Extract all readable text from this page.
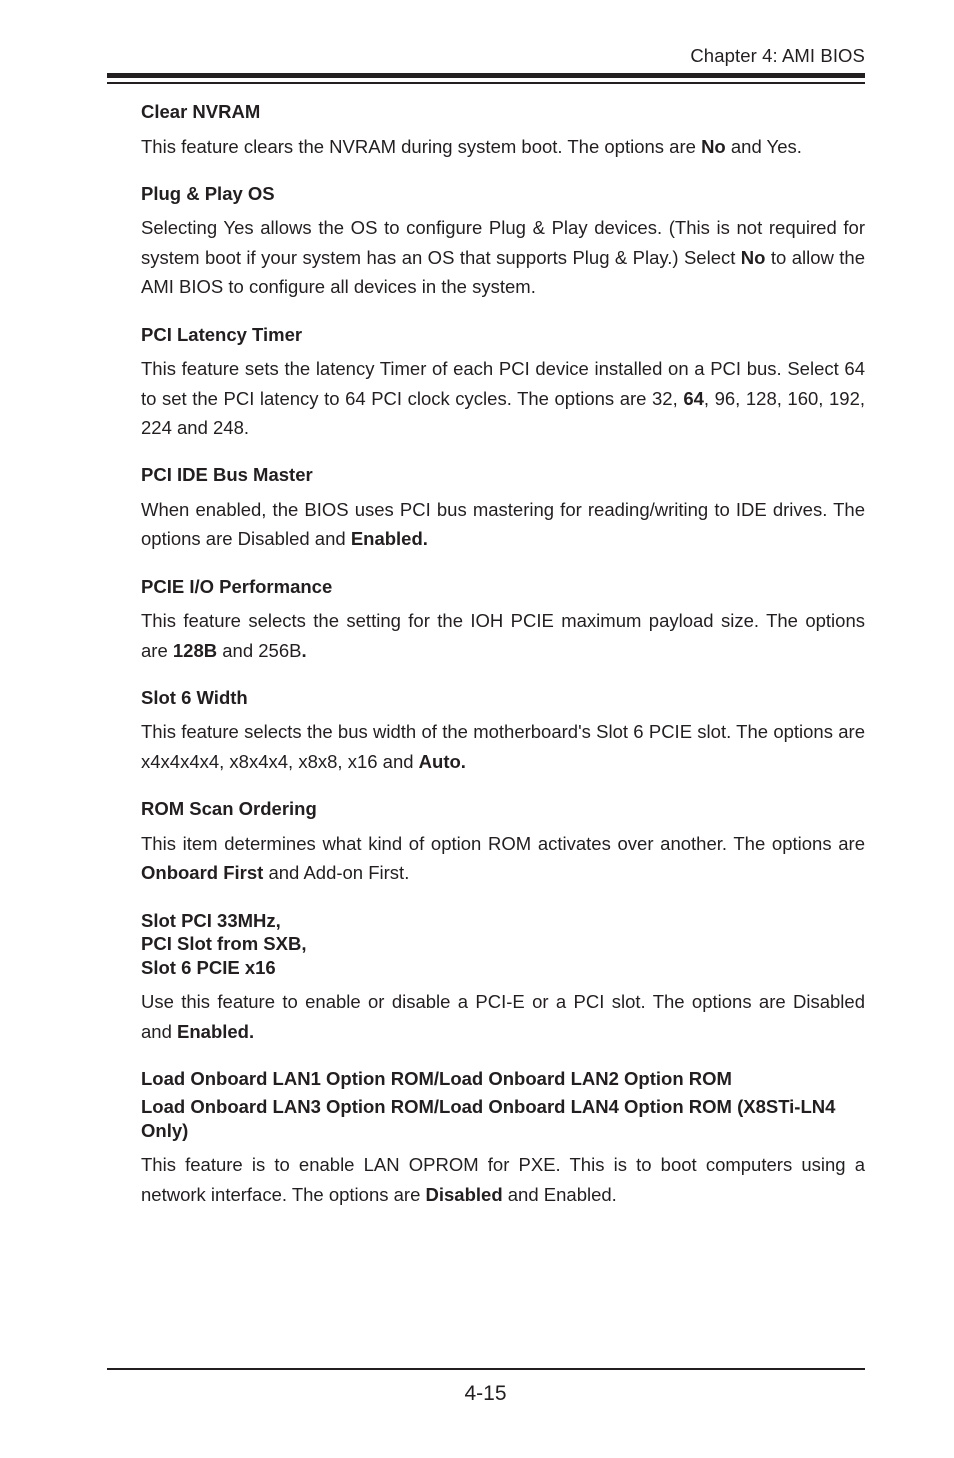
Chapter 4: AMI BIOS
Clear NVRAM

This feature clears the NVRAM during system boot. The options are No and Yes.

Plug & Play OS

Selecting Yes allows the OS to configure Plug & Play devices. (This is not required for system boot if your system has an OS that supports Plug & Play.) Select No to allow the AMI BIOS to configure all devices in the system.

PCI Latency Timer

This feature sets the latency Timer of each PCI device installed on a PCI bus. Select 64 to set the PCI latency to 64 PCI clock cycles. The options are 32, 64, 96, 128, 160, 192, 224 and 248.

PCI IDE Bus Master

When enabled, the BIOS uses PCI bus mastering for reading/writing to IDE drives. The options are Disabled and Enabled.

PCIE I/O Performance

This feature selects the setting for the IOH PCIE maximum payload size. The options are 128B and 256B.

Slot 6 Width

This feature selects the bus width of the motherboard's Slot 6 PCIE slot. The options are x4x4x4x4, x8x4x4, x8x8, x16 and Auto.

ROM Scan Ordering

This item determines what kind of option ROM activates over another. The options are Onboard First and Add-on First.

Slot PCI 33MHz,
PCI Slot from SXB,
Slot 6 PCIE x16

Use this feature to enable or disable a PCI-E or a PCI slot. The options are Disabled and Enabled.

Load Onboard LAN1 Option ROM/Load Onboard LAN2 Option ROM
Load Onboard LAN3 Option ROM/Load Onboard LAN4 Option ROM (X8STi-LN4 Only)

This feature is to enable LAN OPROM for PXE. This is to boot computers using a network interface. The options are Disabled and Enabled.

4-15
